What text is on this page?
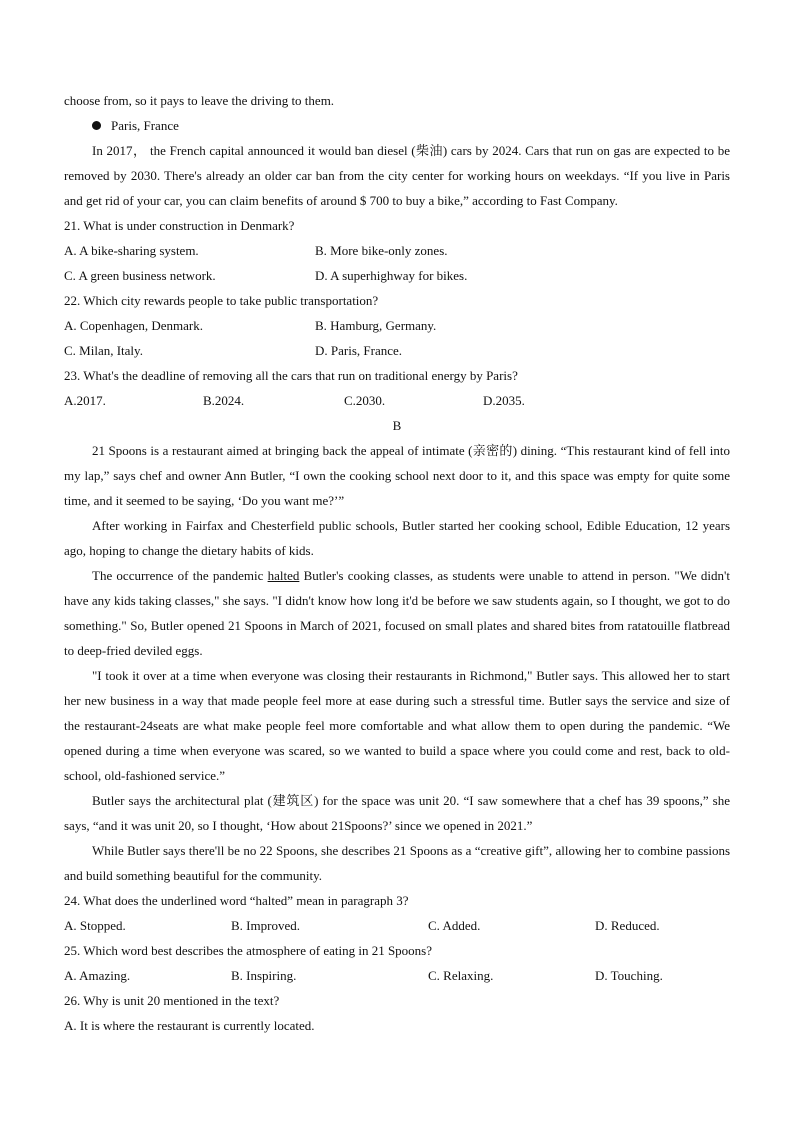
choose from, so it pays to leave the driving to them.

Paris, France

In 2017， the French capital announced it would ban diesel (柴油) cars by 2024. Cars that run on gas are expected to be removed by 2030. There's already an older car ban from the city center for working hours on weekdays. “If you live in Paris and get rid of your car, you can claim benefits of around $ 700 to buy a bike,” according to Fast Company.

21. What is under construction in Denmark?
A. A bike-sharing system.	B. More bike-only zones.
C. A green business network.	D. A superhighway for bikes.
22. Which city rewards people to take public transportation?
A. Copenhagen, Denmark.	B. Hamburg, Germany.
C. Milan, Italy.	D. Paris, France.
23. What's the deadline of removing all the cars that run on traditional energy by Paris?
A.2017.	B.2024.	C.2030.	D.2035.
B

21 Spoons is a restaurant aimed at bringing back the appeal of intimate (亲密的) dining. “This restaurant kind of fell into my lap,” says chef and owner Ann Butler, “I own the cooking school next door to it, and this space was empty for quite some time, and it seemed to be saying, ‘Do you want me?’”

After working in Fairfax and Chesterfield public schools, Butler started her cooking school, Edible Education, 12 years ago, hoping to change the dietary habits of kids.

The occurrence of the pandemic halted Butler's cooking classes, as students were unable to attend in person. "We didn't have any kids taking classes," she says. "I didn't know how long it'd be before we saw students again, so I thought, we got to do something." So, Butler opened 21 Spoons in March of 2021, focused on small plates and shared bites from ratatouille flatbread to deep-fried deviled eggs.

"I took it over at a time when everyone was closing their restaurants in Richmond," Butler says. This allowed her to start her new business in a way that made people feel more at ease during such a stressful time. Butler says the service and size of the restaurant-24seats are what make people feel more comfortable and what allow them to open during the pandemic. “We opened during a time when everyone was scared, so we wanted to build a space where you could come and rest, back to old-school, old-fashioned service.”

Butler says the architectural plat (建筑区) for the space was unit 20. “I saw somewhere that a chef has 39 spoons,” she says, “and it was unit 20, so I thought, ‘How about 21Spoons?’ since we opened in 2021.”

While Butler says there'll be no 22 Spoons, she describes 21 Spoons as a “creative gift”, allowing her to combine passions and build something beautiful for the community.

24. What does the underlined word “halted” mean in paragraph 3?
A. Stopped.	B. Improved.	C. Added.	D. Reduced.
25. Which word best describes the atmosphere of eating in 21 Spoons?
A. Amazing.	B. Inspiring.	C. Relaxing.	D. Touching.
26. Why is unit 20 mentioned in the text?
A. It is where the restaurant is currently located.
